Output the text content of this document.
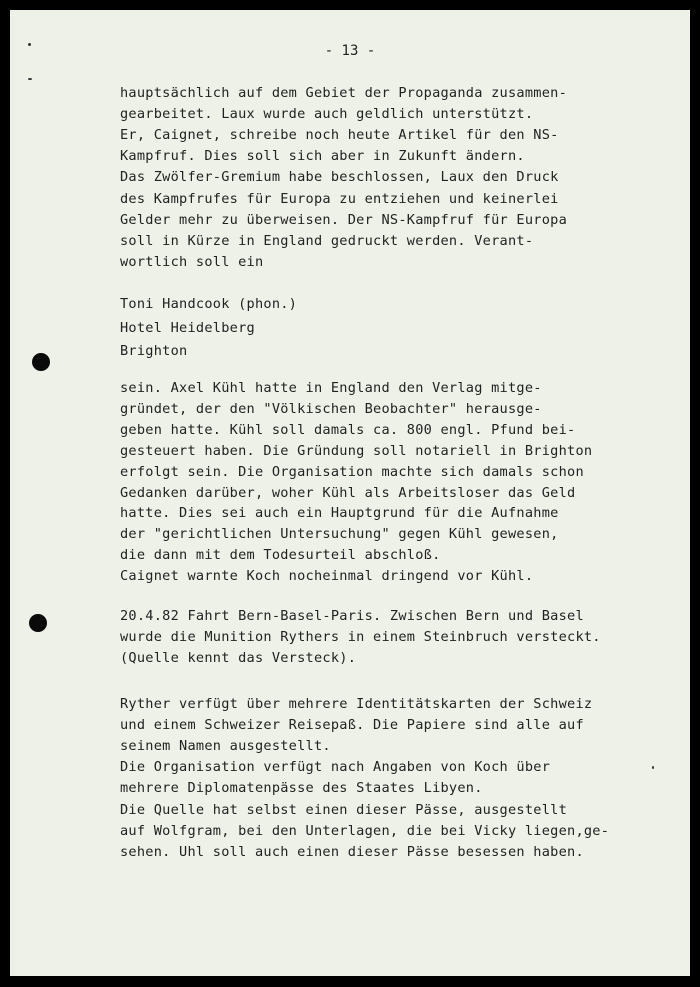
- 13 -
hauptsächlich auf dem Gebiet der Propaganda zusammen-
gearbeitet. Laux wurde auch geldlich unterstützt.
Er, Caignet, schreibe noch heute Artikel für den NS-
Kampfruf. Dies soll sich aber in Zukunft ändern.
Das Zwölfer-Gremium habe beschlossen, Laux den Druck
des Kampfrufes für Europa zu entziehen und keinerlei
Gelder mehr zu überweisen. Der NS-Kampfruf für Europa
soll in Kürze in England gedruckt werden. Verant-
wortlich soll ein
Toni Handcook (phon.)
Hotel Heidelberg
Brighton
sein. Axel Kühl hatte in England den Verlag mitge-
gründet, der den "Völkischen Beobachter" herausge-
geben hatte. Kühl soll damals ca. 800 engl. Pfund bei-
gesteuert haben. Die Gründung soll notariell in Brighton
erfolgt sein. Die Organisation machte sich damals schon
Gedanken darüber, woher Kühl als Arbeitsloser das Geld
hatte. Dies sei auch ein Hauptgrund für die Aufnahme
der "gerichtlichen Untersuchung" gegen Kühl gewesen,
die dann mit dem Todesurteil abschloß.
Caignet warnte Koch nocheinmal dringend vor Kühl.
20.4.82 Fahrt Bern-Basel-Paris. Zwischen Bern und Basel
wurde die Munition Rythers in einem Steinbruch versteckt.
(Quelle kennt das Versteck).
Ryther verfügt über mehrere Identitätskarten der Schweiz
und einem Schweizer Reisepaß. Die Papiere sind alle auf
seinem Namen ausgestellt.
Die Organisation verfügt nach Angaben von Koch über
mehrere Diplomatenpässe des Staates Libyen.
Die Quelle hat selbst einen dieser Pässe, ausgestellt
auf Wolfgram, bei den Unterlagen, die bei Vicky liegen,ge-
sehen. Uhl soll auch einen dieser Pässe besessen haben.
